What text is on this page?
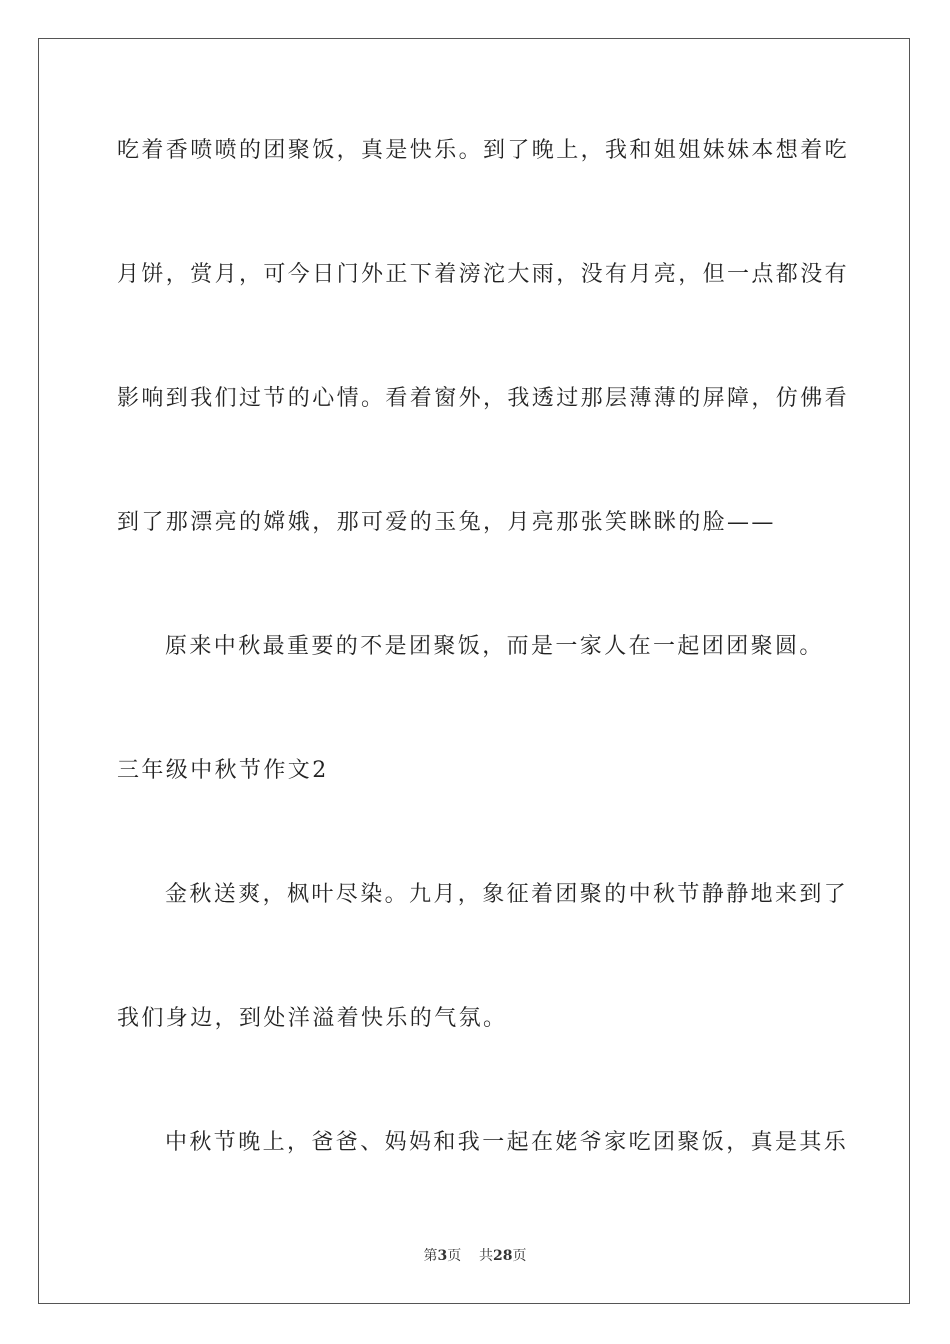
吃着香喷喷的团聚饭，真是快乐。到了晚上，我和姐姐妹妹本想着吃
月饼，赏月，可今日门外正下着滂沱大雨，没有月亮，但一点都没有
影响到我们过节的心情。看着窗外，我透过那层薄薄的屏障，仿佛看
到了那漂亮的嫦娥，那可爱的玉兔，月亮那张笑眯眯的脸——
原来中秋最重要的不是团聚饭，而是一家人在一起团团聚圆。
三年级中秋节作文2
金秋送爽，枫叶尽染。九月，象征着团聚的中秋节静静地来到了
我们身边，到处洋溢着快乐的气氛。
中秋节晚上，爸爸、妈妈和我一起在姥爷家吃团聚饭，真是其乐
第3页 共28页
